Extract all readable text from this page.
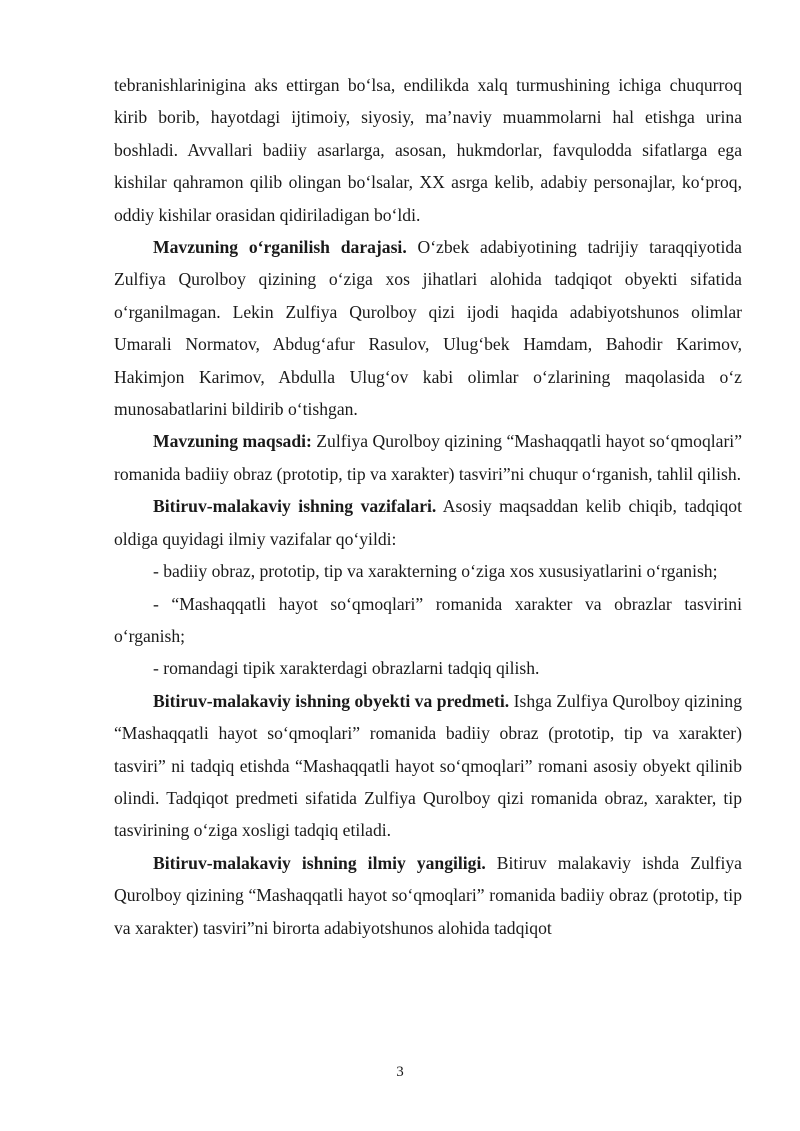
tebranishlarinigina aks ettirgan bo‘lsa, endilikda xalq turmushining ichiga chuqurroq kirib borib, hayotdagi ijtimoiy, siyosiy, ma’naviy muammolarni hal etishga urina boshladi. Avvallari badiiy asarlarga, asosan, hukmdorlar, favqulodda sifatlarga ega kishilar qahramon qilib olingan bo‘lsalar, XX asrga kelib, adabiy personajlar, ko‘proq, oddiy kishilar orasidan qidiriladigan bo‘ldi.

Mavzuning o‘rganilish darajasi. O‘zbek adabiyotining tadrijiy taraqqiyotida Zulfiya Qurolboy qizining o‘ziga xos jihatlari alohida tadqiqot obyekti sifatida o‘rganilmagan. Lekin Zulfiya Qurolboy qizi ijodi haqida adabiyotshunos olimlar Umarali Normatov, Abdug‘afur Rasulov, Ulug‘bek Hamdam, Bahodir Karimov, Hakimjon Karimov, Abdulla Ulug‘ov kabi olimlar o‘zlarining maqolasida o‘z munosabatlarini bildirib o‘tishgan.

Mavzuning maqsadi: Zulfiya Qurolboy qizining “Mashaqqatli hayot so‘qmoqlari” romanida badiiy obraz (prototip, tip va xarakter) tasviri”ni chuqur o‘rganish, tahlil qilish.

Bitiruv-malakaviy ishning vazifalari. Asosiy maqsaddan kelib chiqib, tadqiqot oldiga quyidagi ilmiy vazifalar qo‘yildi:

- badiiy obraz, prototip, tip va xarakterning o‘ziga xos xususiyatlarini o‘rganish;

- “Mashaqqatli hayot so‘qmoqlari” romanida xarakter va obrazlar tasvirini o‘rganish;

- romandagi tipik xarakterdagi obrazlarni tadqiq qilish.

Bitiruv-malakaviy ishning obyekti va predmeti. Ishga Zulfiya Qurolboy qizining “Mashaqqatli hayot so‘qmoqlari” romanida badiiy obraz (prototip, tip va xarakter) tasviri” ni tadqiq etishda “Mashaqqatli hayot so‘qmoqlari” romani asosiy obyekt qilinib olindi. Tadqiqot predmeti sifatida Zulfiya Qurolboy qizi romanida obraz, xarakter, tip tasvirining o‘ziga xosligi tadqiq etiladi.

Bitiruv-malakaviy ishning ilmiy yangiligi. Bitiruv malakaviy ishda Zulfiya Qurolboy qizining “Mashaqqatli hayot so‘qmoqlari” romanida badiiy obraz (prototip, tip va xarakter) tasviri”ni birorta adabiyotshunos alohida tadqiqot

3
